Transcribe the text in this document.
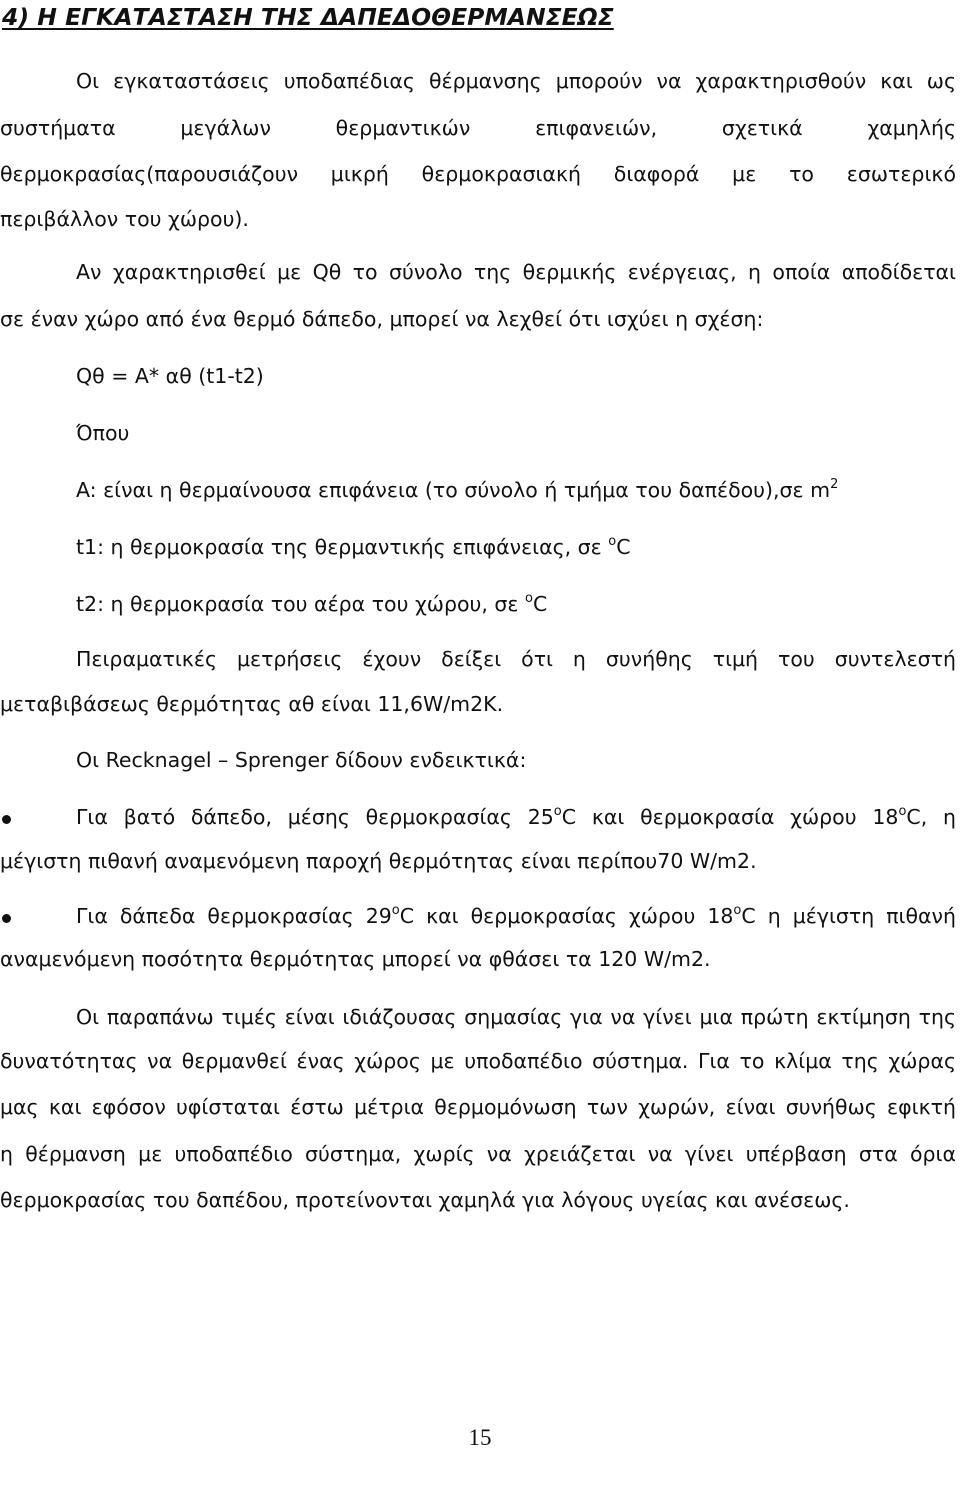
4) Η ΕΓΚΑΤΑΣΤΑΣΗ ΤΗΣ ΔΑΠΕΔΟΘΕΡΜΑΝΣΕΩΣ
Οι εγκαταστάσεις υποδαπέδιας θέρμανσης μπορούν να χαρακτηρισθούν και ως
συστήματα μεγάλων θερμαντικών επιφανειών, σχετικά χαμηλής
θερμοκρασίας(παρουσιάζουν μικρή θερμοκρασιακή διαφορά με το εσωτερικό
περιβάλλον του χώρου).
Αν χαρακτηρισθεί με Qθ το σύνολο της θερμικής ενέργειας, η οποία αποδίδεται
σε έναν χώρο από ένα θερμό δάπεδο, μπορεί να λεχθεί ότι ισχύει η σχέση:
Qθ = A* αθ (t1-t2)
Όπου
A: είναι η θερμαίνουσα επιφάνεια (το σύνολο ή τμήμα του δαπέδου),σε $m^2$
t1: η θερμοκρασία της θερμαντικής επιφάνειας, σε $^o$C
t2: η θερμοκρασία του αέρα του χώρου, σε $^o$C
Πειραματικές μετρήσεις έχουν δείξει ότι η συνήθης τιμή του συντελεστή
μεταβιβάσεως θερμότητας αθ είναι 11,6W/m2K.
Οι Recknagel – Sprenger δίδουν ενδεικτικά:
Για βατό δάπεδο, μέσης θερμοκρασίας 25$^o$C και θερμοκρασία χώρου 18$^o$C, η
μέγιστη πιθανή αναμενόμενη παροχή θερμότητας είναι περίπου70 W/m2.
Για δάπεδα θερμοκρασίας 29$^o$C και θερμοκρασίας χώρου 18$^o$C η μέγιστη πιθανή
αναμενόμενη ποσότητα θερμότητας μπορεί να φθάσει τα 120 W/m2.
Οι παραπάνω τιμές είναι ιδιάζουσας σημασίας για να γίνει μια πρώτη εκτίμηση της
δυνατότητας να θερμανθεί ένας χώρος με υποδαπέδιο σύστημα. Για το κλίμα της χώρας
μας και εφόσον υφίσταται έστω μέτρια θερμομόνωση των χωρών, είναι συνήθως εφικτή
η θέρμανση με υποδαπέδιο σύστημα, χωρίς να χρειάζεται να γίνει υπέρβαση στα όρια
θερμοκρασίας του δαπέδου, προτείνονται χαμηλά για λόγους υγείας και ανέσεως.
15
